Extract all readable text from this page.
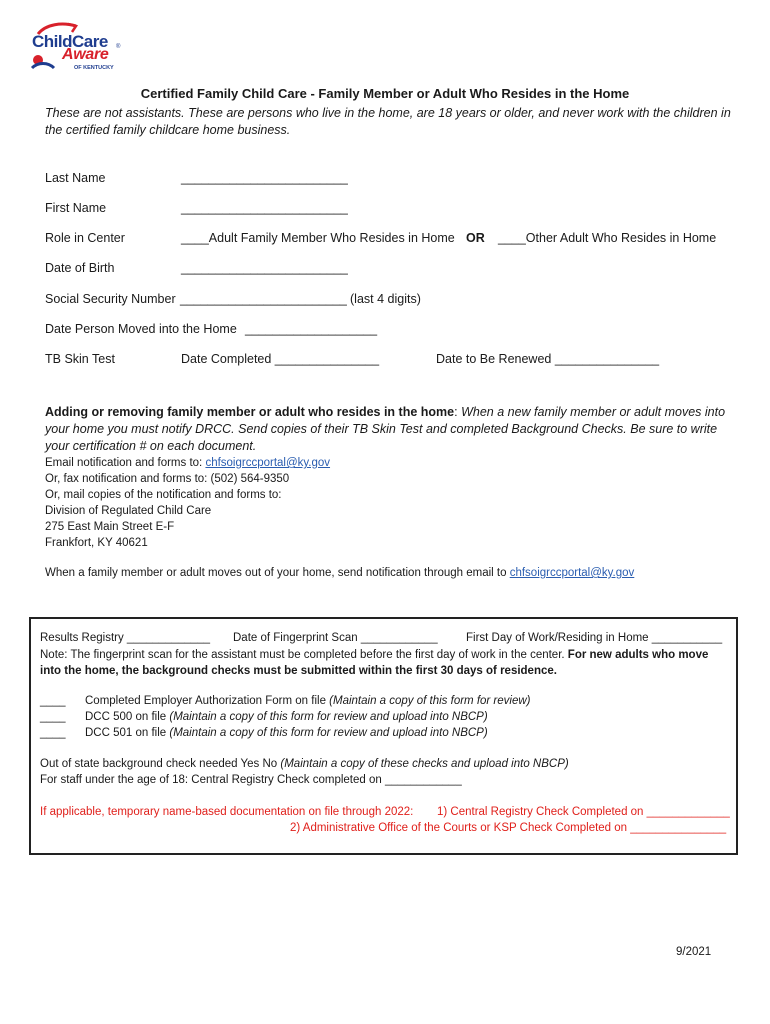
ChildCare
Aware
OF KENTUCKY
®
Certified Family Child Care - Family Member or Adult Who Resides in the Home
These are not assistants. These are persons who live in the home, are 18 years or older, and never work with the children in the certified family childcare home business.
Last Name	________________________
First Name	________________________
Role in Center	____Adult Family Member Who Resides in Home OR ____Other Adult Who Resides in Home
Date of Birth	________________________
Social Security Number ________________________ (last 4 digits)
Date Person Moved into the Home ___________________
TB Skin Test	Date Completed _______________	Date to Be Renewed _______________
Adding or removing family member or adult who resides in the home: When a new family member or adult moves into your home you must notify DRCC. Send copies of their TB Skin Test and completed Background Checks. Be sure to write your certification # on each document.
Email notification and forms to: chfsoigrccportal@ky.gov
Or, fax notification and forms to: (502) 564-9350
Or, mail copies of the notification and forms to:
Division of Regulated Child Care
275 East Main Street E-F
Frankfort, KY 40621
When a family member or adult moves out of your home, send notification through email to chfsoigrccportal@ky.gov
Results Registry _____________ Date of Fingerprint Scan ____________ First Day of Work/Residing in Home ___________
Note: The fingerprint scan for the assistant must be completed before the first day of work in the center. For new adults who move into the home, the background checks must be submitted within the first 30 days of residence.
____ Completed Employer Authorization Form on file (Maintain a copy of this form for review)
____ DCC 500 on file (Maintain a copy of this form for review and upload into NBCP)
____ DCC 501 on file (Maintain a copy of this form for review and upload into NBCP)
Out of state background check needed Yes No (Maintain a copy of these checks and upload into NBCP)
For staff under the age of 18: Central Registry Check completed on ____________
If applicable, temporary name-based documentation on file through 2022: 1) Central Registry Check Completed on _____________
2) Administrative Office of the Courts or KSP Check Completed on _______________
9/2021
